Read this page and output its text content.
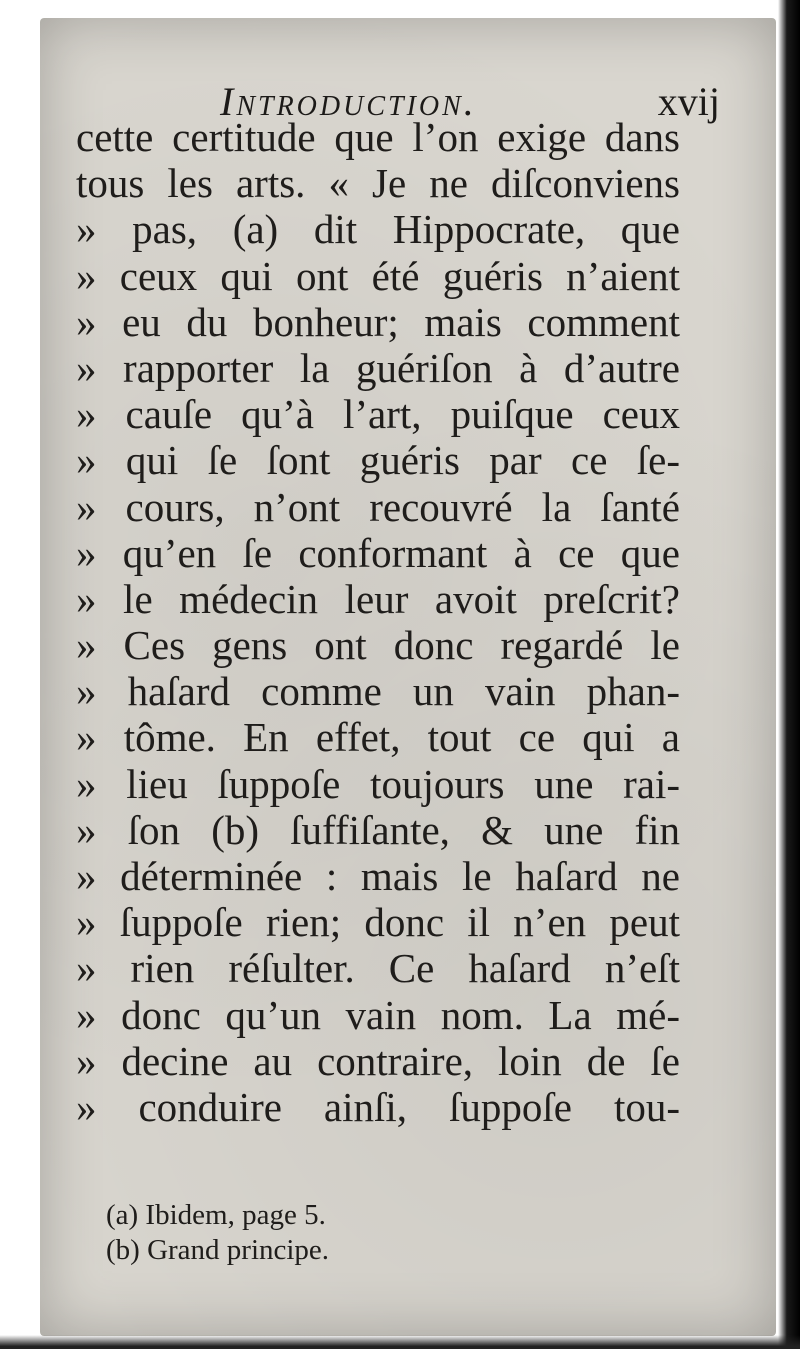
Introduction.	xvij
cette certitude que l’on exige dans
tous les arts. « Je ne diſconviens
» pas, (a) dit Hippocrate, que
» ceux qui ont été guéris n’aient
» eu du bonheur; mais comment
» rapporter la guériſon à d’autre
» cauſe qu’à l’art, puiſque ceux
» qui ſe ſont guéris par ce ſe-
» cours, n’ont recouvré la ſanté
» qu’en ſe conformant à ce que
» le médecin leur avoit preſcrit?
» Ces gens ont donc regardé le
» haſard comme un vain phan-
» tôme. En effet, tout ce qui a
» lieu ſuppoſe toujours une rai-
» ſon (b) ſuffiſante, & une fin
» déterminée : mais le haſard ne
» ſuppoſe rien; donc il n’en peut
» rien réſulter. Ce haſard n’eſt
» donc qu’un vain nom. La mé-
» decine au contraire, loin de ſe
» conduire ainſi, ſuppoſe tou-
(a) Ibidem, page 5.
(b) Grand principe.
